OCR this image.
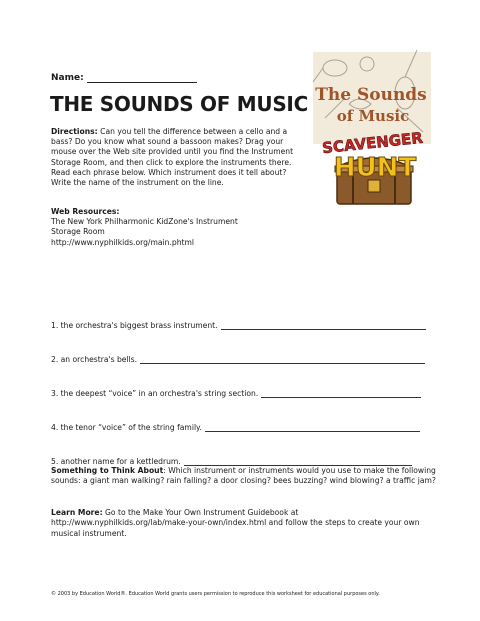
Name:
THE SOUNDS OF MUSIC
Directions: Can you tell the difference between a cello and a bass? Do you know what sound a bassoon makes? Drag your mouse over the Web site provided until you find the Instrument Storage Room, and then click to explore the instruments there. Read each phrase below. Which instrument does it tell about? Write the name of the instrument on the line.
Web Resources:
The New York Philharmonic KidZone's Instrument
Storage Room
http://www.nyphilkids.org/main.phtml
The Sounds
of Music
SCAVENGER
HUNT
1. the orchestra's biggest brass instrument.
2. an orchestra's bells.
3. the deepest “voice” in an orchestra's string section.
4. the tenor “voice” of the string family.
5. another name for a kettledrum.
Something to Think About: Which instrument or instruments would you use to make the following sounds: a giant man walking? rain falling? a door closing? bees buzzing? wind blowing? a traffic jam?
Learn More: Go to the Make Your Own Instrument Guidebook at http://www.nyphilkids.org/lab/make-your-own/index.html and follow the steps to create your own musical instrument.
© 2003 by Education World®. Education World grants users permission to reproduce this worksheet for educational purposes only.
